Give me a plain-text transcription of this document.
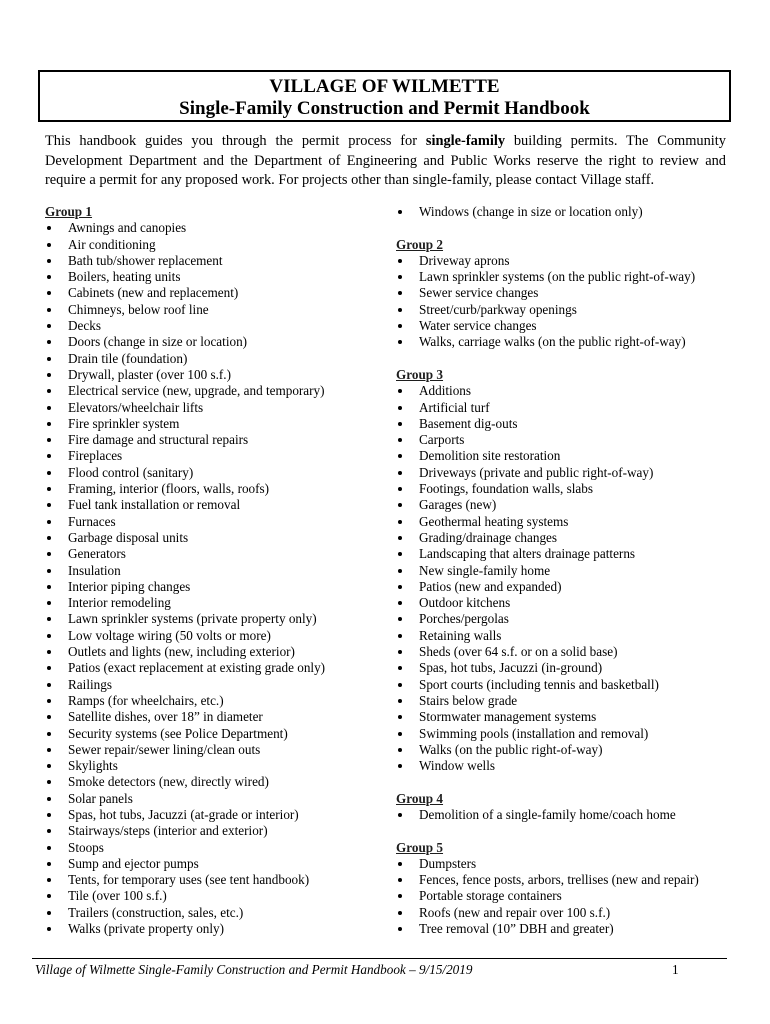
VILLAGE OF WILMETTE
Single-Family Construction and Permit Handbook
This handbook guides you through the permit process for single-family building permits. The Community Development Department and the Department of Engineering and Public Works reserve the right to review and require a permit for any proposed work. For projects other than single-family, please contact Village staff.
Group 1
Awnings and canopies
Air conditioning
Bath tub/shower replacement
Boilers, heating units
Cabinets (new and replacement)
Chimneys, below roof line
Decks
Doors (change in size or location)
Drain tile (foundation)
Drywall, plaster (over 100 s.f.)
Electrical service (new, upgrade, and temporary)
Elevators/wheelchair lifts
Fire sprinkler system
Fire damage and structural repairs
Fireplaces
Flood control (sanitary)
Framing, interior (floors, walls, roofs)
Fuel tank installation or removal
Furnaces
Garbage disposal units
Generators
Insulation
Interior piping changes
Interior remodeling
Lawn sprinkler systems (private property only)
Low voltage wiring (50 volts or more)
Outlets and lights (new, including exterior)
Patios (exact replacement at existing grade only)
Railings
Ramps (for wheelchairs, etc.)
Satellite dishes, over 18” in diameter
Security systems (see Police Department)
Sewer repair/sewer lining/clean outs
Skylights
Smoke detectors (new, directly wired)
Solar panels
Spas, hot tubs, Jacuzzi (at-grade or interior)
Stairways/steps (interior and exterior)
Stoops
Sump and ejector pumps
Tents, for temporary uses (see tent handbook)
Tile (over 100 s.f.)
Trailers (construction, sales, etc.)
Walks (private property only)
Windows (change in size or location only)
Group 2
Driveway aprons
Lawn sprinkler systems (on the public right-of-way)
Sewer service changes
Street/curb/parkway openings
Water service changes
Walks, carriage walks (on the public right-of-way)
Group 3
Additions
Artificial turf
Basement dig-outs
Carports
Demolition site restoration
Driveways (private and public right-of-way)
Footings, foundation walls, slabs
Garages (new)
Geothermal heating systems
Grading/drainage changes
Landscaping that alters drainage patterns
New single-family home
Patios (new and expanded)
Outdoor kitchens
Porches/pergolas
Retaining walls
Sheds (over 64 s.f. or on a solid base)
Spas, hot tubs, Jacuzzi (in-ground)
Sport courts (including tennis and basketball)
Stairs below grade
Stormwater management systems
Swimming pools (installation and removal)
Walks (on the public right-of-way)
Window wells
Group 4
Demolition of a single-family home/coach home
Group 5
Dumpsters
Fences, fence posts, arbors, trellises (new and repair)
Portable storage containers
Roofs (new and repair over 100 s.f.)
Tree removal (10” DBH and greater)
Village of Wilmette Single-Family Construction and Permit Handbook – 9/15/2019	1
